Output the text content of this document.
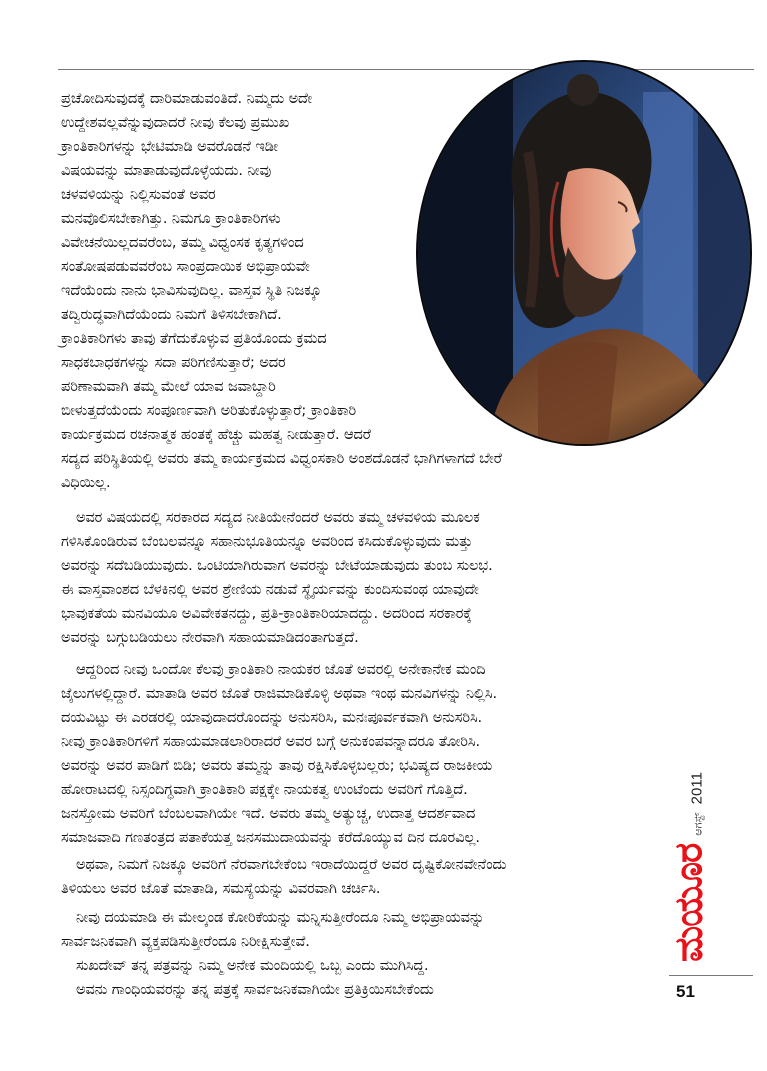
ಪ್ರಚೋದಿಸುವುದಕ್ಕೆ ದಾರಿಮಾಡುವಂತಿದೆ. ನಿಮ್ಮದು ಅದೇ
ಉದ್ದೇಶವಲ್ಲವೆನ್ನುವುದಾದರೆ ನೀವು ಕೆಲವು ಪ್ರಮುಖ
ಕ್ರಾಂತಿಕಾರಿಗಳನ್ನು ಭೇಟಿಮಾಡಿ ಅವರೊಡನೆ ಇಡೀ
ವಿಷಯವನ್ನು ಮಾತಾಡುವುದೊಳ್ಳೆಯದು. ನೀವು
ಚಳವಳಿಯನ್ನು ನಿಲ್ಲಿಸುವಂತೆ ಅವರ
ಮನವೊಲಿಸಬೇಕಾಗಿತ್ತು. ನಿಮಗೂ ಕ್ರಾಂತಿಕಾರಿಗಳು
ವಿವೇಚನೆಯಿಲ್ಲದವರೆಂಬ, ತಮ್ಮ ವಿಧ್ವಂಸಕ ಕೃತ್ಯಗಳಿಂದ
ಸಂತೋಷಪಡುವವರೆಂಬ ಸಾಂಪ್ರದಾಯಿಕ ಅಭಿಪ್ರಾಯವೇ
ಇದೆಯೆಂದು ನಾನು ಭಾವಿಸುವುದಿಲ್ಲ. ವಾಸ್ತವ ಸ್ಥಿತಿ ನಿಜಕ್ಕೂ
ತದ್ವಿರುದ್ಧವಾಗಿದೆಯೆಂದು ನಿಮಗೆ ತಿಳಿಸಬೇಕಾಗಿದೆ.
ಕ್ರಾಂತಿಕಾರಿಗಳು ತಾವು ತೆಗೆದುಕೊಳ್ಳುವ ಪ್ರತಿಯೊಂದು ಕ್ರಮದ
ಸಾಧಕಬಾಧಕಗಳನ್ನು ಸದಾ ಪರಿಗಣಿಸುತ್ತಾರೆ; ಅದರ
ಪರಿಣಾಮವಾಗಿ ತಮ್ಮ ಮೇಲೆ ಯಾವ ಜವಾಬ್ದಾರಿ
ಬೀಳುತ್ತದೆಯೆಂದು ಸಂಪೂರ್ಣವಾಗಿ ಅರಿತುಕೊಳ್ಳುತ್ತಾರೆ; ಕ್ರಾಂತಿಕಾರಿ
ಕಾರ್ಯಕ್ರಮದ ರಚನಾತ್ಮಕ ಹಂತಕ್ಕೆ ಹೆಚ್ಚು ಮಹತ್ವ ನೀಡುತ್ತಾರೆ. ಆದರೆ
ಸದ್ಯದ ಪರಿಸ್ಥಿತಿಯಲ್ಲಿ ಅವರು ತಮ್ಮ ಕಾರ್ಯಕ್ರಮದ ವಿಧ್ವಂಸಕಾರಿ ಅಂಶದೊಡನೆ ಭಾಗಿಗಳಾಗದೆ ಬೇರೆ
ವಿಧಿಯಿಲ್ಲ.
ಅವರ ವಿಷಯದಲ್ಲಿ ಸರಕಾರದ ಸದ್ಯದ ನೀತಿಯೇನೆಂದರೆ ಅವರು ತಮ್ಮ ಚಳವಳಿಯ ಮೂಲಕ
ಗಳಿಸಿಕೊಂಡಿರುವ ಬೆಂಬಲವನ್ನೂ ಸಹಾನುಭೂತಿಯನ್ನೂ ಅವರಿಂದ ಕಸಿದುಕೊಳ್ಳುವುದು ಮತ್ತು
ಅವರನ್ನು ಸದೆಬಡಿಯುವುದು. ಒಂಟಿಯಾಗಿರುವಾಗ ಅವರನ್ನು ಬೇಟೆಯಾಡುವುದು ತುಂಬ ಸುಲಭ.
ಈ ವಾಸ್ತವಾಂಶದ ಬೆಳಕಿನಲ್ಲಿ ಅವರ ಶ್ರೇಣಿಯ ನಡುವೆ ಸ್ಥೈರ್ಯವನ್ನು ಕುಂದಿಸುವಂಥ ಯಾವುದೇ
ಭಾವುಕತೆಯ ಮನವಿಯೂ ಅವಿವೇಕತನದ್ದು, ಪ್ರತಿ-ಕ್ರಾಂತಿಕಾರಿಯಾದದ್ದು. ಅದರಿಂದ ಸರಕಾರಕ್ಕೆ
ಅವರನ್ನು ಬಗ್ಗುಬಡಿಯಲು ನೇರವಾಗಿ ಸಹಾಯಮಾಡಿದಂತಾಗುತ್ತದೆ.
ಆದ್ದರಿಂದ ನೀವು ಒಂದೋ ಕೆಲವು ಕ್ರಾಂತಿಕಾರಿ ನಾಯಕರ ಜೊತೆ ಅವರಲ್ಲಿ ಅನೇಕಾನೇಕ ಮಂದಿ
ಜೈಲುಗಳಲ್ಲಿದ್ದಾರೆ. ಮಾತಾಡಿ ಅವರ ಜೊತೆ ರಾಜಿಮಾಡಿಕೊಳ್ಳಿ ಅಥವಾ ಇಂಥ ಮನವಿಗಳನ್ನು ನಿಲ್ಲಿಸಿ.
ದಯವಿಟ್ಟು ಈ ಎರಡರಲ್ಲಿ ಯಾವುದಾದರೊಂದನ್ನು ಅನುಸರಿಸಿ, ಮನಃಪೂರ್ವಕವಾಗಿ ಅನುಸರಿಸಿ.
ನೀವು ಕ್ರಾಂತಿಕಾರಿಗಳಿಗೆ ಸಹಾಯಮಾಡಲಾರಿರಾದರೆ ಅವರ ಬಗ್ಗೆ ಅನುಕಂಪವನ್ನಾದರೂ ತೋರಿಸಿ.
ಅವರನ್ನು ಅವರ ಪಾಡಿಗೆ ಬಿಡಿ; ಅವರು ತಮ್ಮನ್ನು ತಾವು ರಕ್ಷಿಸಿಕೊಳ್ಳಬಲ್ಲರು; ಭವಿಷ್ಯದ ರಾಜಕೀಯ
ಹೋರಾಟದಲ್ಲಿ ನಿಸ್ಸಂದಿಗ್ಧವಾಗಿ ಕ್ರಾಂತಿಕಾರಿ ಪಕ್ಷಕ್ಕೇ ನಾಯಕತ್ವ ಉಂಟೆಂದು ಅವರಿಗೆ ಗೊತ್ತಿದೆ.
ಜನಸ್ತೋಮ ಅವರಿಗೆ ಬೆಂಬಲವಾಗಿಯೇ ಇದೆ. ಅವರು ತಮ್ಮ ಅತ್ಯುಚ್ಚ, ಉದಾತ್ತ ಆದರ್ಶವಾದ
ಸಮಾಜವಾದಿ ಗಣತಂತ್ರದ ಪತಾಕೆಯತ್ತ ಜನಸಮುದಾಯವನ್ನು ಕರೆದೊಯ್ಯುವ ದಿನ ದೂರವಿಲ್ಲ.
ಅಥವಾ, ನಿಮಗೆ ನಿಜಕ್ಕೂ ಅವರಿಗೆ ನೆರವಾಗಬೇಕೆಂಬ ಇರಾದೆಯಿದ್ದರೆ ಅವರ ದೃಷ್ಟಿಕೋನವೇನೆಂದು
ತಿಳಿಯಲು ಅವರ ಜೊತೆ ಮಾತಾಡಿ, ಸಮಸ್ಯೆಯನ್ನು ವಿವರವಾಗಿ ಚರ್ಚಿಸಿ.
ನೀವು ದಯಮಾಡಿ ಈ ಮೇಲ್ಕಂಡ ಕೋರಿಕೆಯನ್ನು ಮನ್ನಿಸುತ್ತೀರೆಂದೂ ನಿಮ್ಮ ಅಭಿಪ್ರಾಯವನ್ನು
ಸಾರ್ವಜನಿಕವಾಗಿ ವ್ಯಕ್ತಪಡಿಸುತ್ತೀರೆಂದೂ ನಿರೀಕ್ಷಿಸುತ್ತೇವೆ.
ಸುಖದೇವ್ ತನ್ನ ಪತ್ರವನ್ನು ನಿಮ್ಮ ಅನೇಕ ಮಂದಿಯಲ್ಲಿ ಒಬ್ಬ ಎಂದು ಮುಗಿಸಿದ್ದ.
ಅವನು ಗಾಂಧಿಯವರನ್ನು ತನ್ನ ಪತ್ರಕ್ಕೆ ಸಾರ್ವಜನಿಕವಾಗಿಯೇ ಪ್ರತಿಕ್ರಿಯಿಸಬೇಕೆಂದು
ಮಯೂರ
ಆಗಸ್ಟ್
2011
51
